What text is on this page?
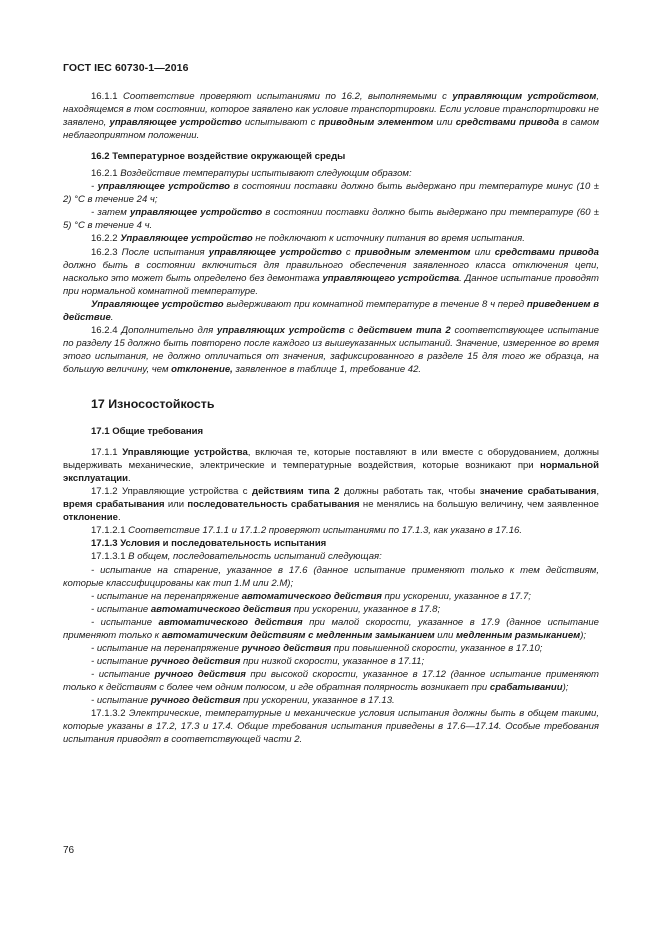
ГОСТ IEC 60730-1—2016

16.1.1 Соответствие проверяют испытаниями по 16.2, выполняемыми с управляющим устройством, находящемся в том состоянии, которое заявлено как условие транспортировки. Если условие транспортировки не заявлено, управляющее устройство испытывают с приводным элементом или средствами привода в самом неблагоприятном положении.

16.2 Температурное воздействие окружающей среды

16.2.1 Воздействие температуры испытывают следующим образом:

- управляющее устройство в состоянии поставки должно быть выдержано при температуре минус (10 ± 2) °С в течение 24 ч;

- затем управляющее устройство в состоянии поставки должно быть выдержано при температуре (60 ± 5) °С в течение 4 ч.

16.2.2 Управляющее устройство не подключают к источнику питания во время испытания.

16.2.3 После испытания управляющее устройство с приводным элементом или средствами привода должно быть в состоянии включиться для правильного обеспечения заявленного класса отключения цепи, насколько это может быть определено без демонтажа управляющего устройства. Данное испытание проводят при нормальной комнатной температуре.

Управляющее устройство выдерживают при комнатной температуре в течение 8 ч перед приведением в действие.

16.2.4 Дополнительно для управляющих устройств с действием типа 2 соответствующее испытание по разделу 15 должно быть повторено после каждого из вышеуказанных испытаний. Значение, измеренное во время этого испытания, не должно отличаться от значения, зафиксированного в разделе 15 для того же образца, на большую величину, чем отклонение, заявленное в таблице 1, требование 42.

17 Износостойкость

17.1 Общие требования

17.1.1 Управляющие устройства, включая те, которые поставляют в или вместе с оборудованием, должны выдерживать механические, электрические и температурные воздействия, которые возникают при нормальной эксплуатации.

17.1.2 Управляющие устройства с действиям типа 2 должны работать так, чтобы значение срабатывания, время срабатывания или последовательность срабатывания не менялись на большую величину, чем заявленное отклонение.

17.1.2.1 Соответствие 17.1.1 и 17.1.2 проверяют испытаниями по 17.1.3, как указано в 17.16.

17.1.3 Условия и последовательность испытания

17.1.3.1 В общем, последовательность испытаний следующая:

- испытание на старение, указанное в 17.6 (данное испытание применяют только к тем действиям, которые классифицированы как тип 1.M или 2.M);

- испытание на перенапряжение автоматического действия при ускорении, указанное в 17.7;

- испытание автоматического действия при ускорении, указанное в 17.8;

- испытание автоматического действия при малой скорости, указанное в 17.9 (данное испытание применяют только к автоматическим действиям с медленным замыканием или медленным размыканием);

- испытание на перенапряжение ручного действия при повышенной скорости, указанное в 17.10;

- испытание ручного действия при низкой скорости, указанное в 17.11;

- испытание ручного действия при высокой скорости, указанное в 17.12 (данное испытание применяют только к действиям с более чем одним полюсом, и где обратная полярность возникает при срабатывании);

- испытание ручного действия при ускорении, указанное в 17.13.

17.1.3.2 Электрические, температурные и механические условия испытания должны быть в общем такими, которые указаны в 17.2, 17.3 и 17.4. Общие требования испытания приведены в 17.6—17.14. Особые требования испытания приводят в соответствующей части 2.

76
